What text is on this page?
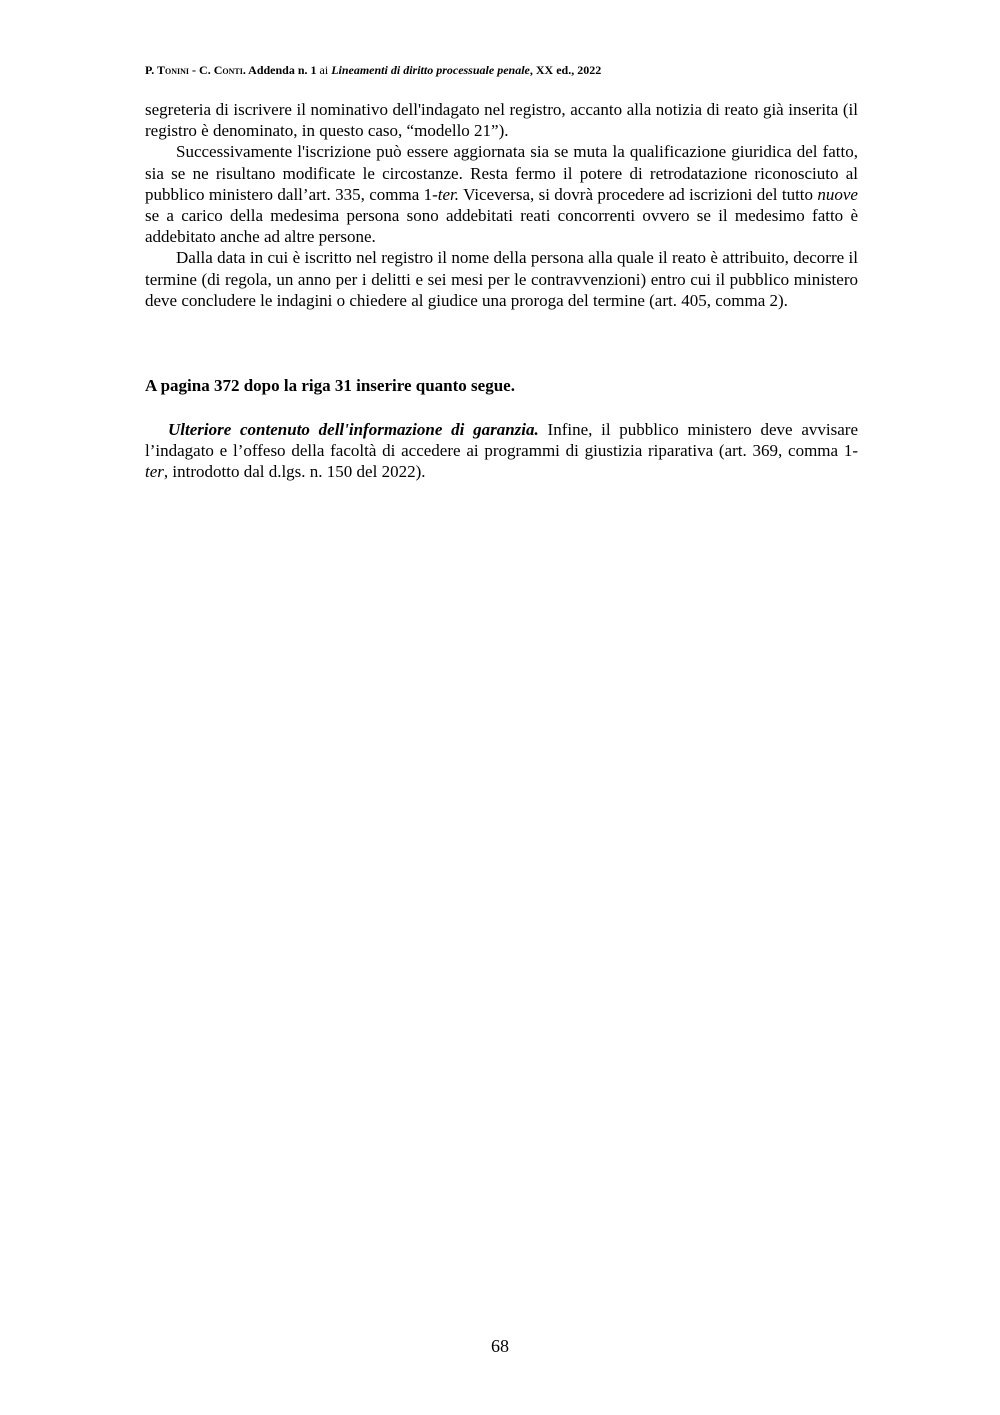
P. Tonini - C. Conti. Addenda n. 1 ai Lineamenti di diritto processuale penale, XX ed., 2022

segreteria di iscrivere il nominativo dell'indagato nel registro, accanto alla notizia di reato già inserita (il registro è denominato, in questo caso, “modello 21”).

Successivamente l'iscrizione può essere aggiornata sia se muta la qualificazione giuridica del fatto, sia se ne risultano modificate le circostanze. Resta fermo il potere di retrodatazione riconosciuto al pubblico ministero dall’art. 335, comma 1-ter. Viceversa, si dovrà procedere ad iscrizioni del tutto nuove se a carico della medesima persona sono addebitati reati concorrenti ovvero se il medesimo fatto è addebitato anche ad altre persone.

Dalla data in cui è iscritto nel registro il nome della persona alla quale il reato è attribuito, decorre il termine (di regola, un anno per i delitti e sei mesi per le contravvenzioni) entro cui il pubblico ministero deve concludere le indagini o chiedere al giudice una proroga del termine (art. 405, comma 2).

A pagina 372 dopo la riga 31 inserire quanto segue.

Ulteriore contenuto dell'informazione di garanzia. Infine, il pubblico ministero deve avvisare l’indagato e l’offeso della facoltà di accedere ai programmi di giustizia riparativa (art. 369, comma 1-ter, introdotto dal d.lgs. n. 150 del 2022).

68
